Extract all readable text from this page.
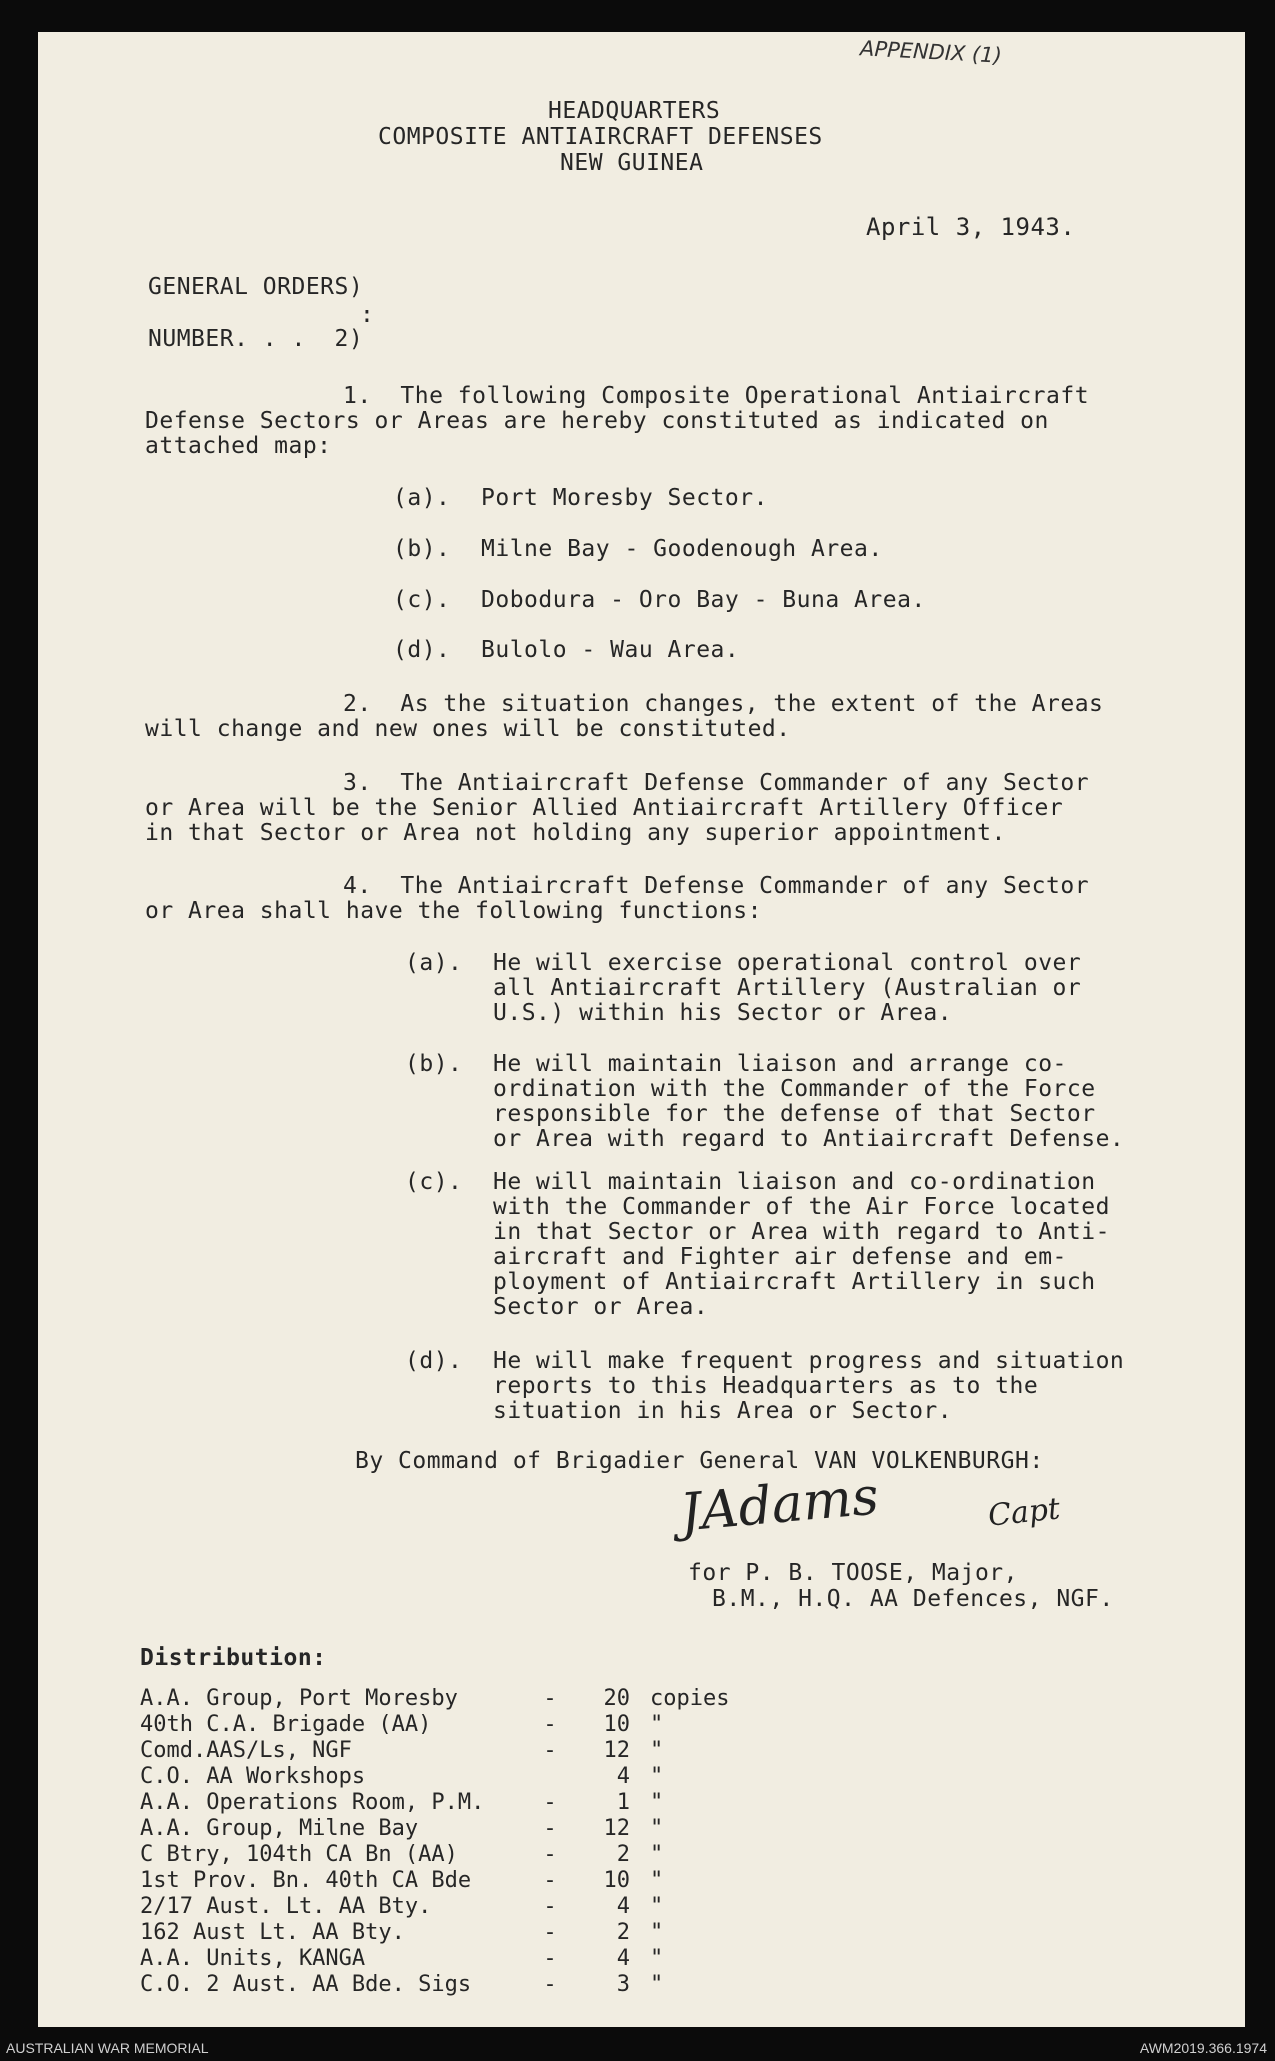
APPENDIX (1)
HEADQUARTERS
COMPOSITE ANTIAIRCRAFT DEFENSES
NEW GUINEA
April 3, 1943.
GENERAL ORDERS)
:
NUMBER. . .  2)
1.  The following Composite Operational Antiaircraft
Defense Sectors or Areas are hereby constituted as indicated on
attached map:
(a). Port Moresby Sector.
(b). Milne Bay - Goodenough Area.
(c). Dobodura - Oro Bay - Buna Area.
(d). Bulolo - Wau Area.
2.  As the situation changes, the extent of the Areas
will change and new ones will be constituted.
3.  The Antiaircraft Defense Commander of any Sector
or Area will be the Senior Allied Antiaircraft Artillery Officer
in that Sector or Area not holding any superior appointment.
4.  The Antiaircraft Defense Commander of any Sector
or Area shall have the following functions:
(a). He will exercise operational control over
all Antiaircraft Artillery (Australian or
U.S.) within his Sector or Area.
(b). He will maintain liaison and arrange co-
ordination with the Commander of the Force
responsible for the defense of that Sector
or Area with regard to Antiaircraft Defense.
(c). He will maintain liaison and co-ordination
with the Commander of the Air Force located
in that Sector or Area with regard to Anti-
aircraft and Fighter air defense and em-
ployment of Antiaircraft Artillery in such
Sector or Area.
(d). He will make frequent progress and situation
reports to this Headquarters as to the
situation in his Area or Sector.
By Command of Brigadier General VAN VOLKENBURGH:
JAdams	Capt
for P. B. TOOSE, Major,
B.M., H.Q. AA Defences, NGF.
Distribution:
A.A. Group, Port Moresby	-	20	copies
40th C.A. Brigade (AA)	-	10	"
Comd.AAS/Ls, NGF	-	12	"
C.O. AA Workshops		4	"
A.A. Operations Room, P.M.	-	1	"
A.A. Group, Milne Bay	-	12	"
C Btry, 104th CA Bn (AA)	-	2	"
1st Prov. Bn. 40th CA Bde	-	10	"
2/17 Aust. Lt. AA Bty.	-	4	"
162 Aust Lt. AA Bty.	-	2	"
A.A. Units, KANGA	-	4	"
C.O. 2 Aust. AA Bde. Sigs	-	3	"
AUSTRALIAN WAR MEMORIAL	AWM2019.366.1974
